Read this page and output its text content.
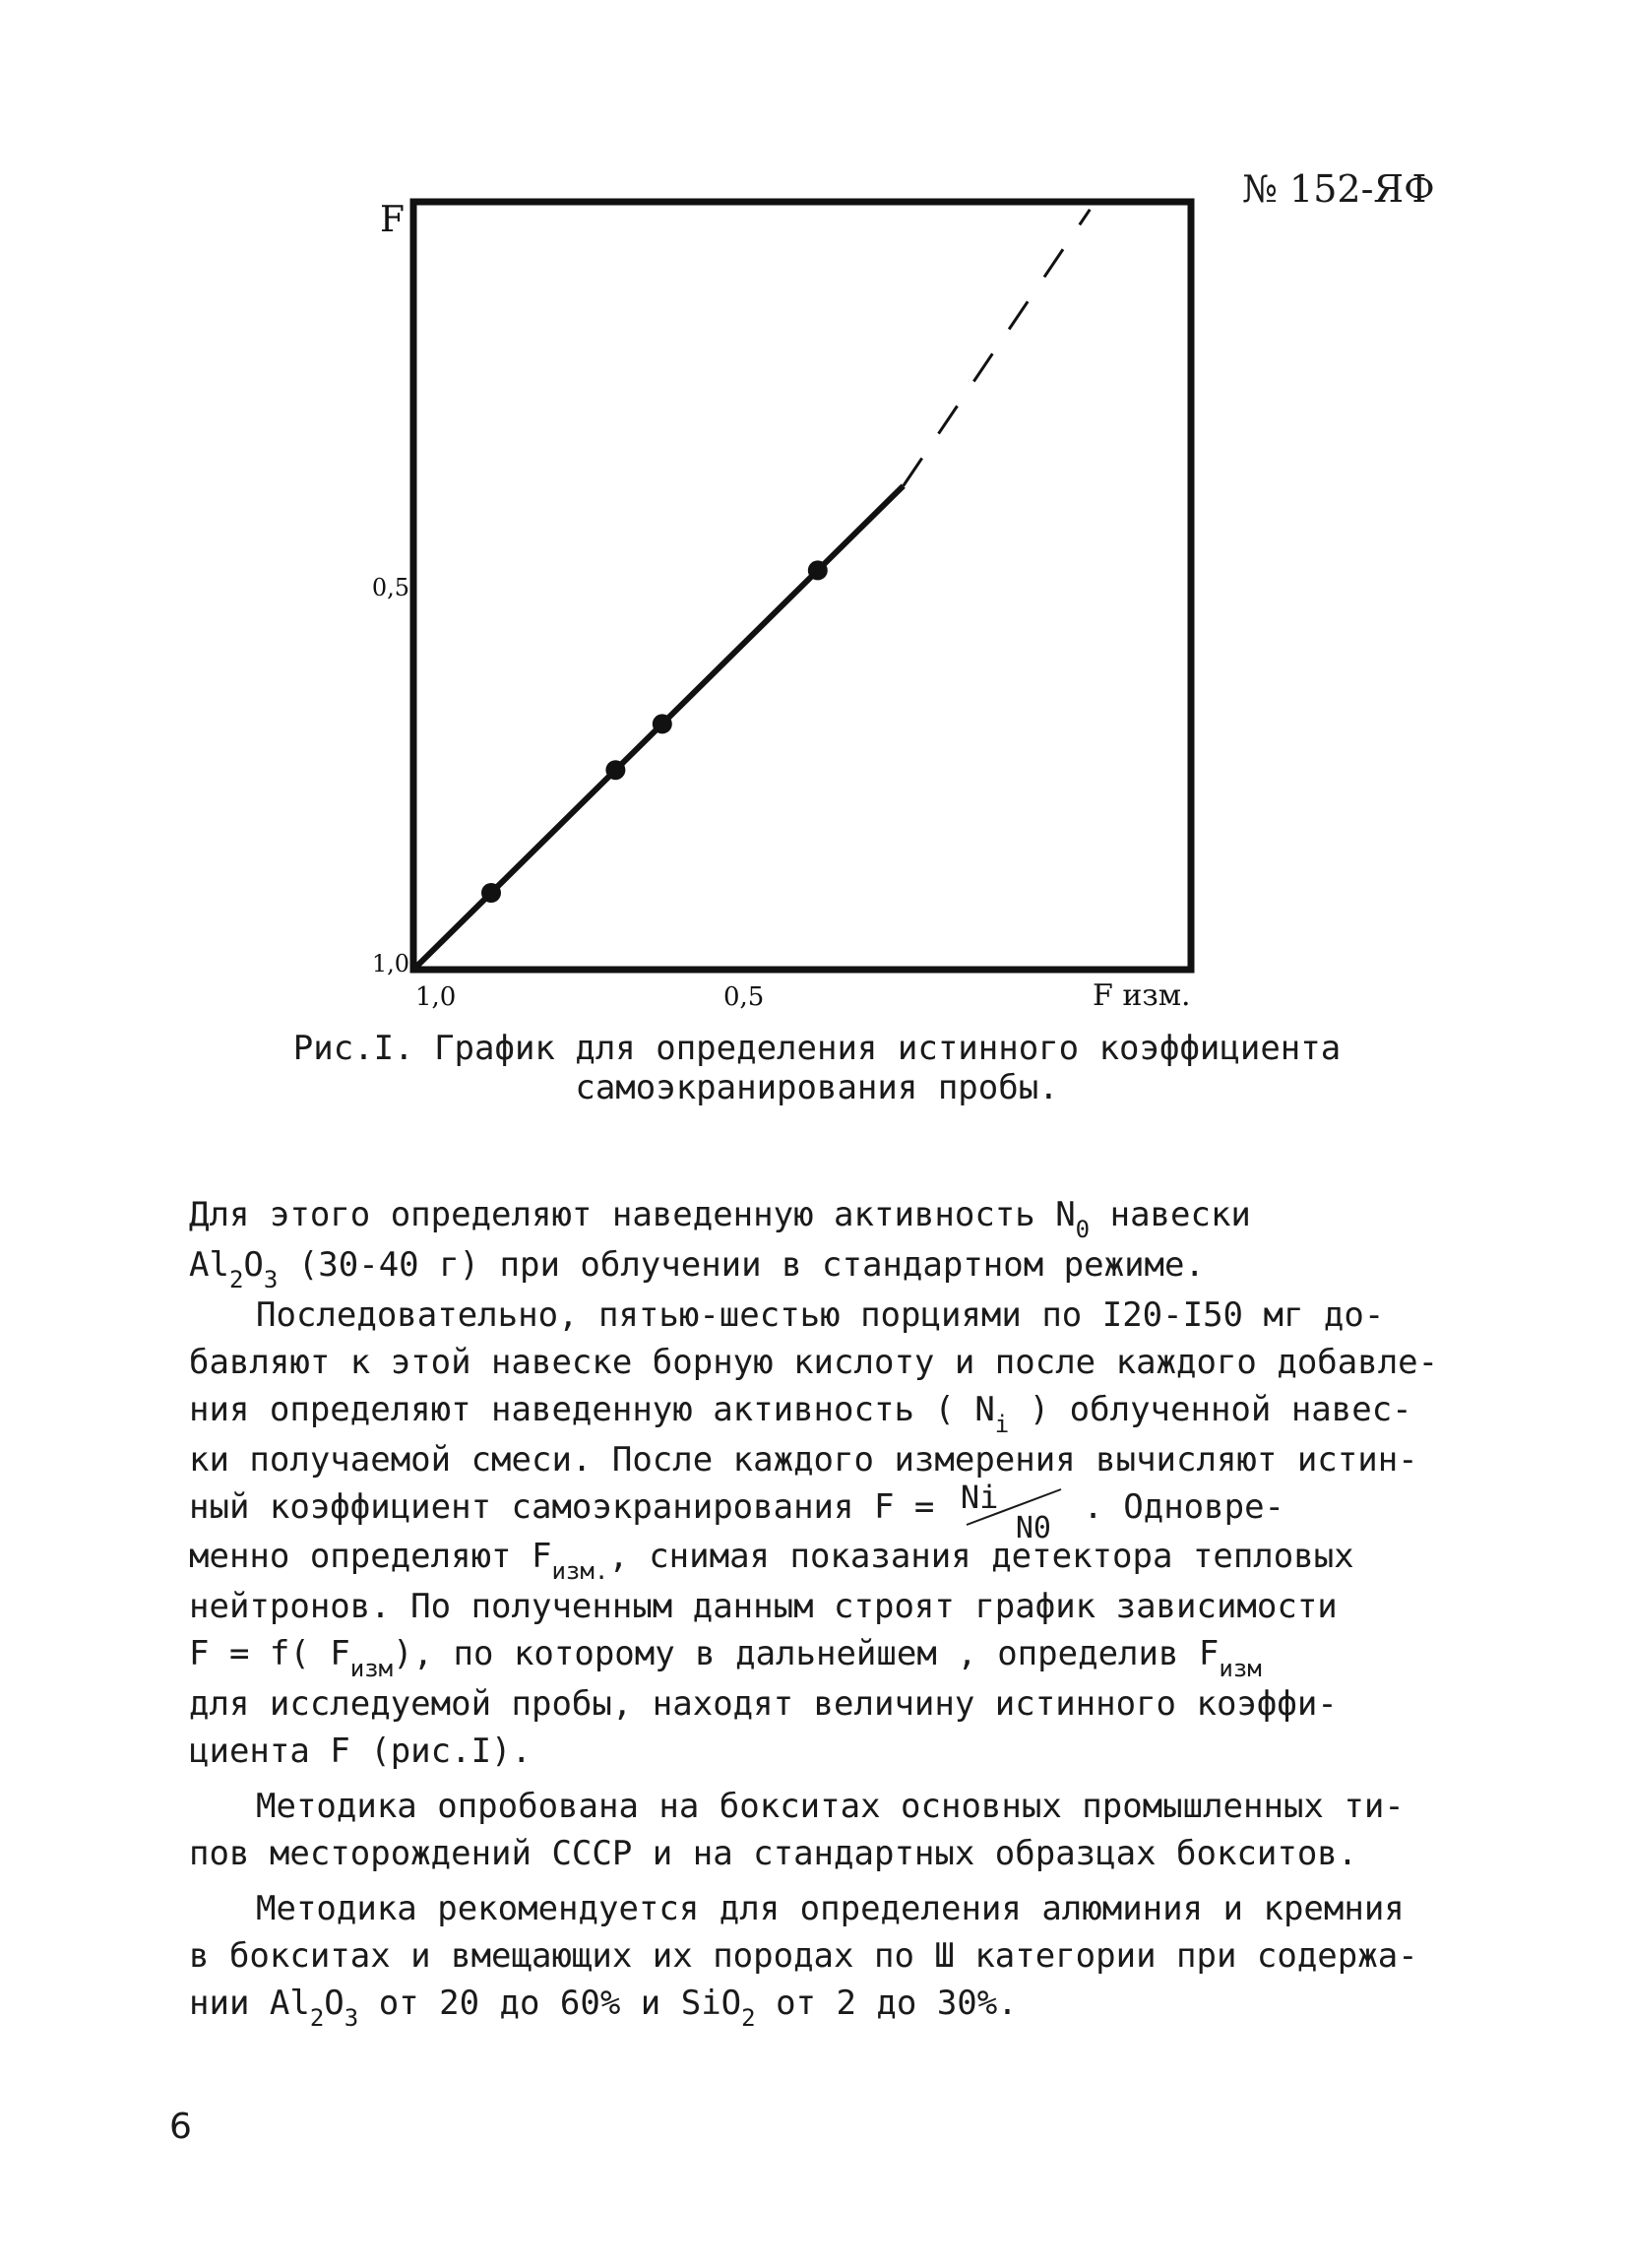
№ 152-ЯФ
F
0,5
1,0
1,0	0,5	F изм.
Рис.I. График для определения истинного коэффициента
самоэкранирования пробы.

Для этого определяют наведенную активность $N_0$ навески

$Al_2O_3$ (30-40 г) при облучении в стандартном режиме.

Последовательно, пятью-шестью порциями по I20-I50 мг до-

бавляют к этой навеске борную кислоту и после каждого добавле-

ния определяют наведенную активность ( $N_i$ ) облученной навес-

ки получаемой смеси. После каждого измерения вычисляют истин-

ный коэффициент самоэкранирования F = Ni
N0
. Одновре-

менно определяют $F_{изм.}$, снимая показания детектора тепловых

нейтронов. По полученным данным строят график зависимости

F = f( $F_{изм}$), по которому в дальнейшем , определив $F_{изм}$

для исследуемой пробы, находят величину истинного коэффи-

циента F (рис.I).

Методика опробована на бокситах основных промышленных ти-

пов месторождений СССР и на стандартных образцах бокситов.

Методика рекомендуется для определения алюминия и кремния

в бокситах и вмещающих их породах по Ш категории при содержа-

нии $Al_2O_3$ от 20 до 60% и SiO$_2$ от 2 до 30%.

6
